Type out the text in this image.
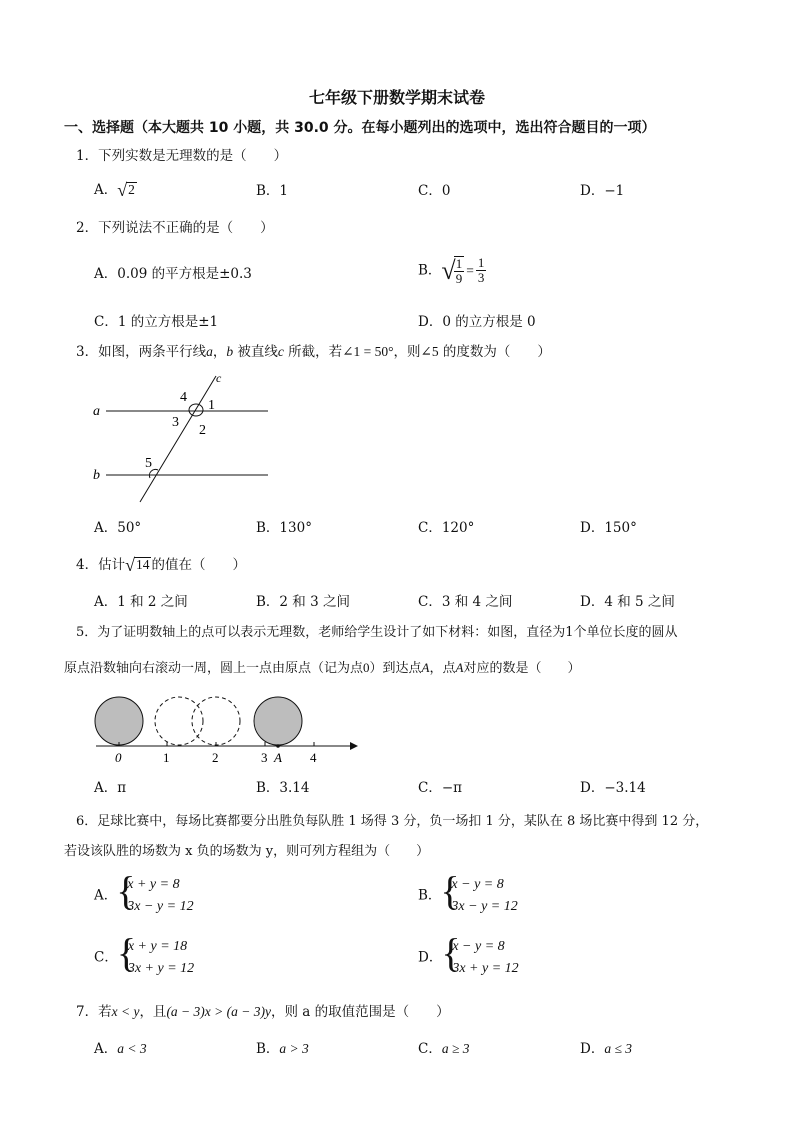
七年级下册数学期末试卷
一、选择题（本大题共 10 小题，共 30.0 分。在每小题列出的选项中，选出符合题目的一项）
1．下列实数是无理数的是（　　）
A．√2	B．1	C．0	D．−1
2．下列说法不正确的是（　　）
A．0.09 的平方根是±0.3	B．√
$\frac{1}{9} = \frac{1}{3}$
C．1 的立方根是±1	D．0 的立方根是 0
3．如图，两条平行线a，b 被直线c 所截，若∠1 = 50°，则∠5 的度数为（　　）
a
b
c
1
2
3
4
5
A．50°	B．130°	C．120°	D．150°
4．估计√14 的值在（　　）
A．1 和 2 之间	B．2 和 3 之间	C．3 和 4 之间	D．4 和 5 之间
5．为了证明数轴上的点可以表示无理数，老师给学生设计了如下材料：如图，直径为1个单位长度的圆从
原点沿数轴向右滚动一周，圆上一点由原点（记为点0）到达点A，点A对应的数是（　　）
0	1	2	3 A 4
A．π	B．3.14	C．−π	D．−3.14
6．足球比赛中，每场比赛都要分出胜负每队胜 1 场得 3 分，负一场扣 1 分，某队在 8 场比赛中得到 12 分，
若设该队胜的场数为 x 负的场数为 y，则可列方程组为（　　）
A． {
x + y = 8
3x − y = 12
B． {
x − y = 8
3x − y = 12
C． {
x + y = 18
3x + y = 12
D． {
x − y = 8
3x + y = 12
7．若x < y，且(a − 3)x > (a − 3)y，则 a 的取值范围是（　　）
A．a < 3	B．a > 3	C．a ≥ 3	D．a ≤ 3
